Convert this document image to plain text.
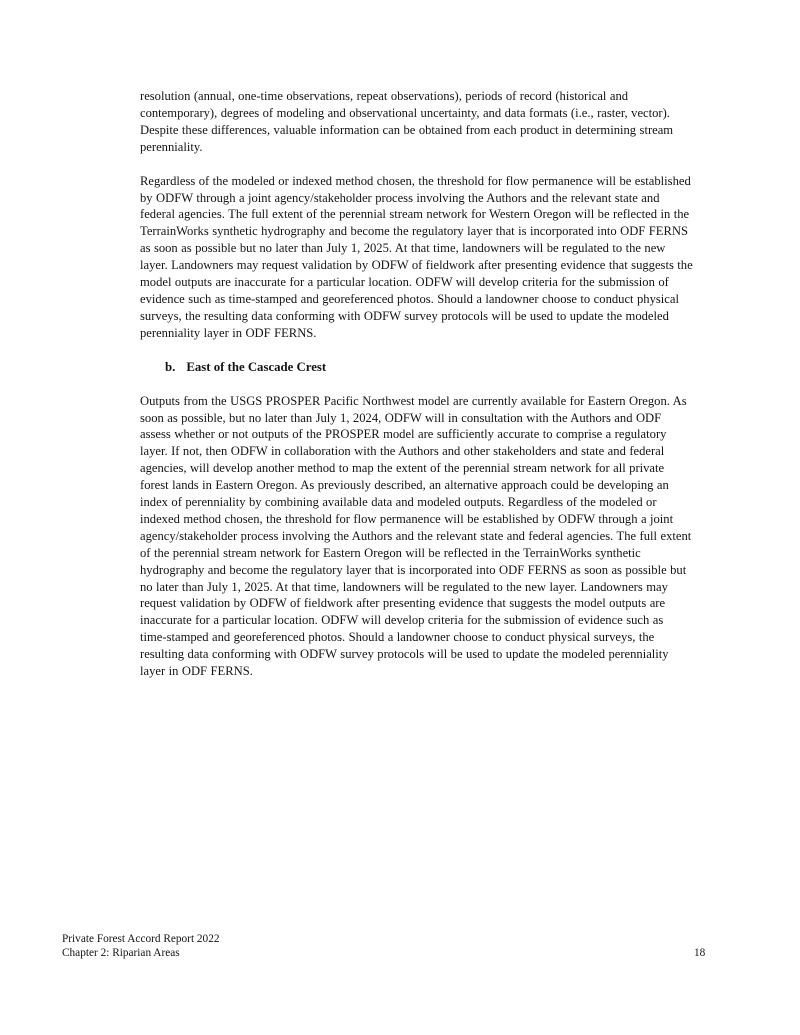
resolution (annual, one-time observations, repeat observations), periods of record (historical and contemporary), degrees of modeling and observational uncertainty, and data formats (i.e., raster, vector). Despite these differences, valuable information can be obtained from each product in determining stream perenniality.

Regardless of the modeled or indexed method chosen, the threshold for flow permanence will be established by ODFW through a joint agency/stakeholder process involving the Authors and the relevant state and federal agencies. The full extent of the perennial stream network for Western Oregon will be reflected in the TerrainWorks synthetic hydrography and become the regulatory layer that is incorporated into ODF FERNS as soon as possible but no later than July 1, 2025. At that time, landowners will be regulated to the new layer. Landowners may request validation by ODFW of fieldwork after presenting evidence that suggests the model outputs are inaccurate for a particular location. ODFW will develop criteria for the submission of evidence such as time-stamped and georeferenced photos. Should a landowner choose to conduct physical surveys, the resulting data conforming with ODFW survey protocols will be used to update the modeled perenniality layer in ODF FERNS.

b. East of the Cascade Crest

Outputs from the USGS PROSPER Pacific Northwest model are currently available for Eastern Oregon. As soon as possible, but no later than July 1, 2024, ODFW will in consultation with the Authors and ODF assess whether or not outputs of the PROSPER model are sufficiently accurate to comprise a regulatory layer. If not, then ODFW in collaboration with the Authors and other stakeholders and state and federal agencies, will develop another method to map the extent of the perennial stream network for all private forest lands in Eastern Oregon. As previously described, an alternative approach could be developing an index of perenniality by combining available data and modeled outputs. Regardless of the modeled or indexed method chosen, the threshold for flow permanence will be established by ODFW through a joint agency/stakeholder process involving the Authors and the relevant state and federal agencies. The full extent of the perennial stream network for Eastern Oregon will be reflected in the TerrainWorks synthetic hydrography and become the regulatory layer that is incorporated into ODF FERNS as soon as possible but no later than July 1, 2025. At that time, landowners will be regulated to the new layer. Landowners may request validation by ODFW of fieldwork after presenting evidence that suggests the model outputs are inaccurate for a particular location. ODFW will develop criteria for the submission of evidence such as time-stamped and georeferenced photos. Should a landowner choose to conduct physical surveys, the resulting data conforming with ODFW survey protocols will be used to update the modeled perenniality layer in ODF FERNS.

Private Forest Accord Report 2022
Chapter 2: Riparian Areas	18
